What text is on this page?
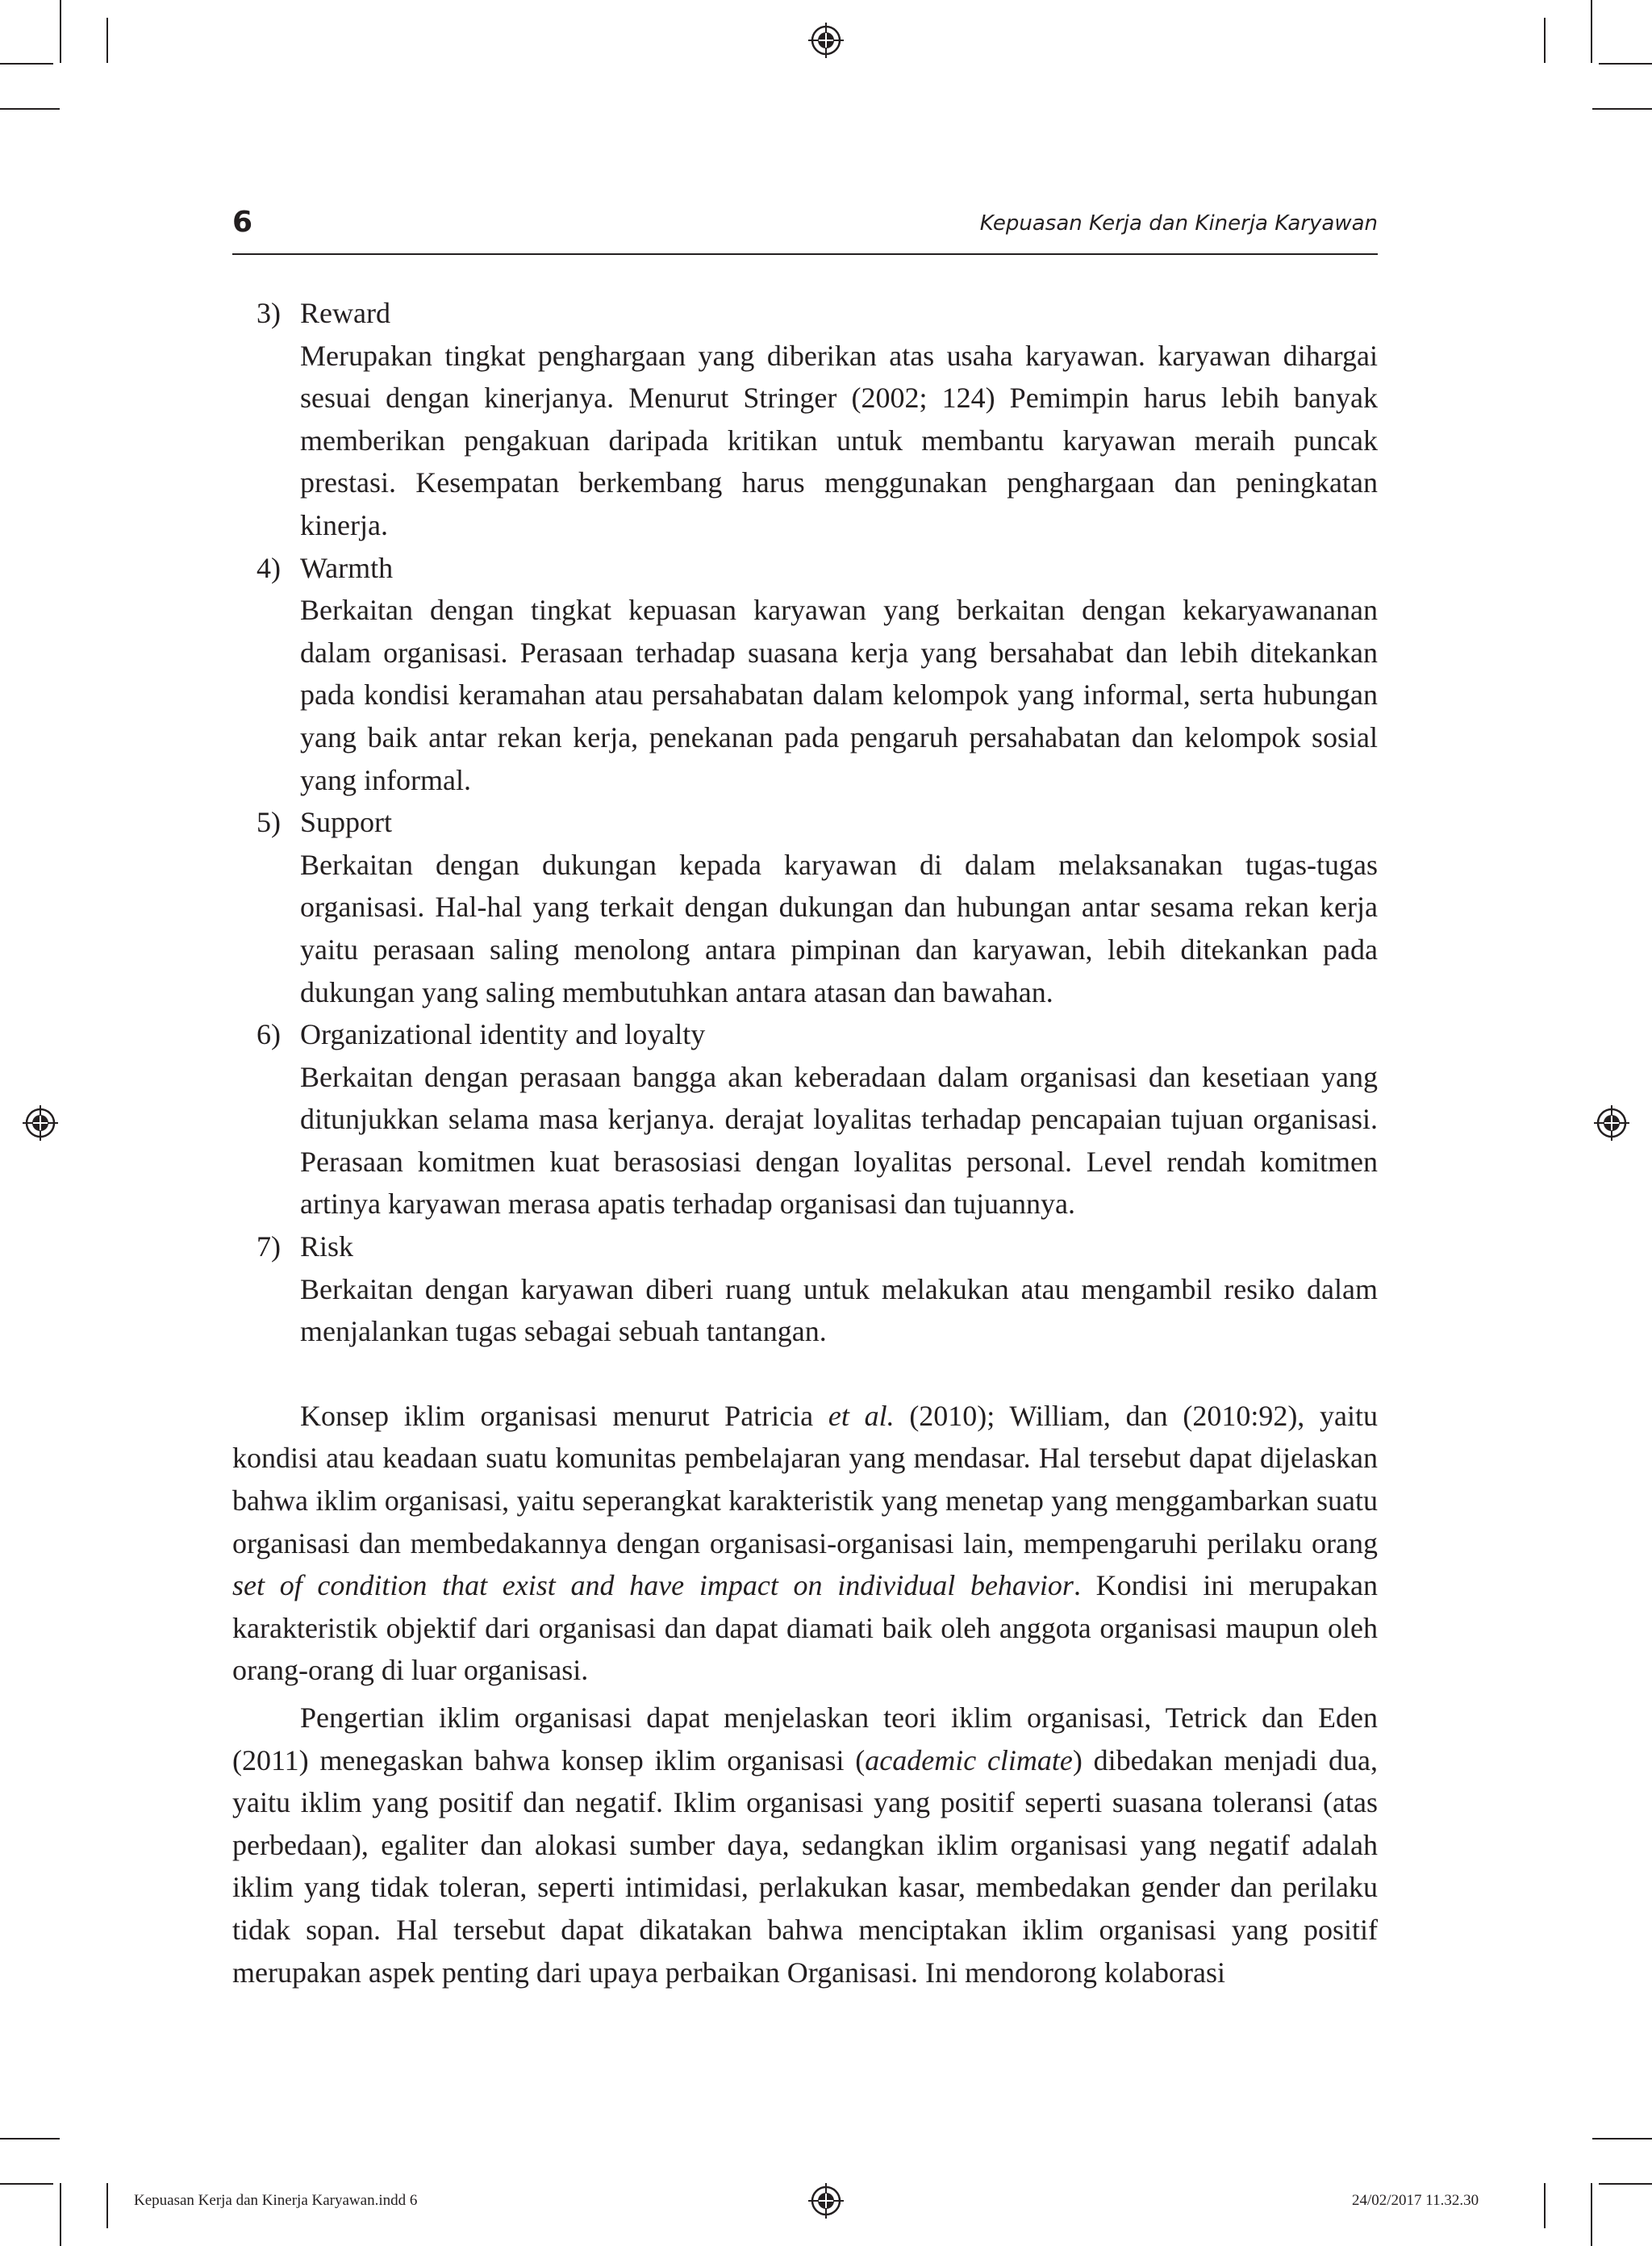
6	Kepuasan Kerja dan Kinerja Karyawan
3) Reward
Merupakan tingkat penghargaan yang diberikan atas usaha karyawan. karyawan dihargai sesuai dengan kinerjanya. Menurut Stringer (2002; 124) Pemimpin harus lebih banyak memberikan pengakuan daripada kritikan untuk membantu karyawan meraih puncak prestasi. Kesempatan berkembang harus menggunakan penghargaan dan peningkatan kinerja.
4) Warmth
Berkaitan dengan tingkat kepuasan karyawan yang berkaitan dengan kekaryawananan dalam organisasi. Perasaan terhadap suasana kerja yang bersahabat dan lebih ditekankan pada kondisi keramahan atau persahabatan dalam kelompok yang informal, serta hubungan yang baik antar rekan kerja, penekanan pada pengaruh persahabatan dan kelompok sosial yang informal.
5) Support
Berkaitan dengan dukungan kepada karyawan di dalam melaksanakan tugas-tugas organisasi. Hal-hal yang terkait dengan dukungan dan hubungan antar sesama rekan kerja yaitu perasaan saling menolong antara pimpinan dan karyawan, lebih ditekankan pada dukungan yang saling membutuhkan antara atasan dan bawahan.
6) Organizational identity and loyalty
Berkaitan dengan perasaan bangga akan keberadaan dalam organisasi dan kesetiaan yang ditunjukkan selama masa kerjanya. derajat loyalitas terhadap pencapaian tujuan organisasi. Perasaan komitmen kuat berasosiasi dengan loyalitas personal. Level rendah komitmen artinya karyawan merasa apatis terhadap organisasi dan tujuannya.
7) Risk
Berkaitan dengan karyawan diberi ruang untuk melakukan atau mengambil resiko dalam menjalankan tugas sebagai sebuah tantangan.

Konsep iklim organisasi menurut Patricia et al. (2010); William, dan (2010:92), yaitu kondisi atau keadaan suatu komunitas pembelajaran yang mendasar. Hal tersebut dapat dijelaskan bahwa iklim organisasi, yaitu seperangkat karakteristik yang menetap yang menggambarkan suatu organisasi dan membedakannya dengan organisasi-organisasi lain, mempengaruhi perilaku orang set of condition that exist and have impact on individual behavior. Kondisi ini merupakan karakteristik objektif dari organisasi dan dapat diamati baik oleh anggota organisasi maupun oleh orang-orang di luar organisasi.

Pengertian iklim organisasi dapat menjelaskan teori iklim organisasi, Tetrick dan Eden (2011) menegaskan bahwa konsep iklim organisasi (academic climate) dibedakan menjadi dua, yaitu iklim yang positif dan negatif. Iklim organisasi yang positif seperti suasana toleransi (atas perbedaan), egaliter dan alokasi sumber daya, sedangkan iklim organisasi yang negatif adalah iklim yang tidak toleran, seperti intimidasi, perlakukan kasar, membedakan gender dan perilaku tidak sopan. Hal tersebut dapat dikatakan bahwa menciptakan iklim organisasi yang positif merupakan aspek penting dari upaya perbaikan Organisasi. Ini mendorong kolaborasi

Kepuasan Kerja dan Kinerja Karyawan.indd 6	24/02/2017 11.32.30
